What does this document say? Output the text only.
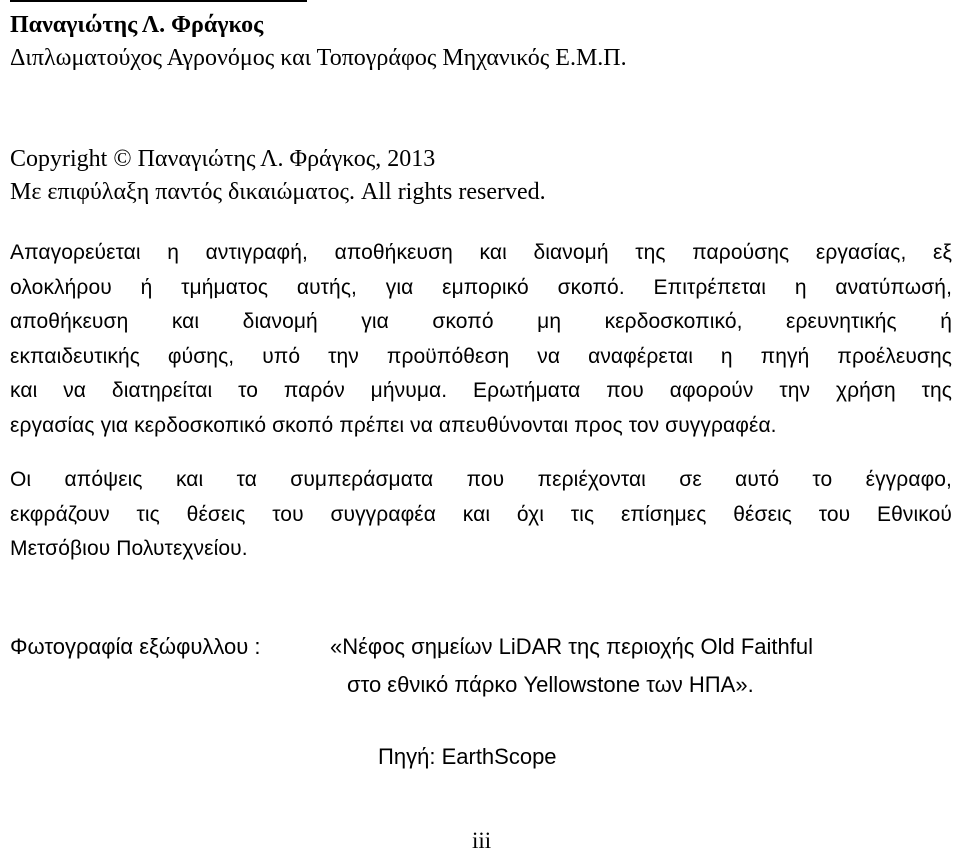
Παναγιώτης Λ. Φράγκος
Διπλωματούχος Αγρονόμος και Τοπογράφος Μηχανικός Ε.Μ.Π.
Copyright © Παναγιώτης Λ. Φράγκος, 2013
Με επιφύλαξη παντός δικαιώματος. All rights reserved.
Απαγορεύεται η αντιγραφή, αποθήκευση και διανομή της παρούσης εργασίας, εξ
ολοκλήρου ή τμήματος αυτής, για εμπορικό σκοπό. Επιτρέπεται η ανατύπωσή,
αποθήκευση και διανομή για σκοπό μη κερδοσκοπικό, ερευνητικής ή
εκπαιδευτικής φύσης, υπό την προϋπόθεση να αναφέρεται η πηγή προέλευσης
και να διατηρείται το παρόν μήνυμα. Ερωτήματα που αφορούν την χρήση της
εργασίας για κερδοσκοπικό σκοπό πρέπει να απευθύνονται προς τον συγγραφέα.
Οι απόψεις και τα συμπεράσματα που περιέχονται σε αυτό το έγγραφο,
εκφράζουν τις θέσεις του συγγραφέα και όχι τις επίσημες θέσεις του Εθνικού
Μετσόβιου Πολυτεχνείου.
Φωτογραφία εξώφυλλου :	«Νέφος σημείων LiDAR της περιοχής Old Faithful
στο εθνικό πάρκο Yellowstone των ΗΠΑ».
Πηγή: EarthScope
iii
